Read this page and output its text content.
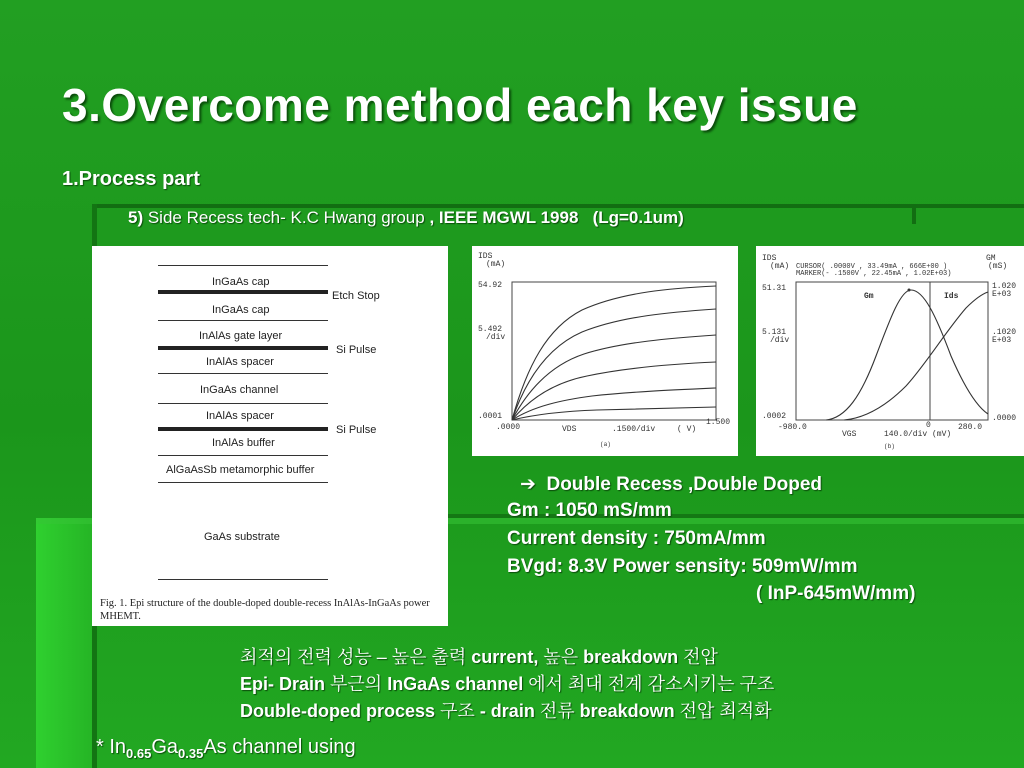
3.Overcome method each key issue
1.Process part
5) Side Recess tech- K.C Hwang group , IEEE MGWL 1998 (Lg=0.1um)
InGaAs cap
Etch Stop
InGaAs cap
InAlAs gate layer
Si Pulse
InAlAs spacer
InGaAs channel
InAlAs spacer
Si Pulse
InAlAs buffer
AlGaAsSb metamorphic buffer
GaAs substrate
Fig. 1. Epi structure of the double-doped double-recess InAlAs-InGaAs power MHEMT.
IDS
(mA)
54.92
5.492
/div
.0001
.0000	VDS	.1500/div	( V)
1.500
(a)
IDS
(mA) CURSOR( .0000V , 33.49mA , 666E+00 )
MARKER(- .1500V , 22.45mA , 1.02E+03)
GM
(mS)
51.31	1.020
E+03
5.131
/div
.1020
E+03
.0002	.0000
Gm	Ids
-980.0	0	280.0
VGS	140.0/div (mV)
(b)
➔ Double Recess ,Double Doped
Gm : 1050 mS/mm
Current density : 750mA/mm
BVgd: 8.3V Power sensity: 509mW/mm
( InP-645mW/mm)
최적의 전력 성능 – 높은 출력 current, 높은 breakdown 전압
Epi- Drain 부근의 InGaAs channel 에서 최대 전계 감소시키는 구조
Double-doped process 구조 - drain 전류 breakdown 전압 최적화
* $In_{0.65}Ga_{0.35}As$ channel using
